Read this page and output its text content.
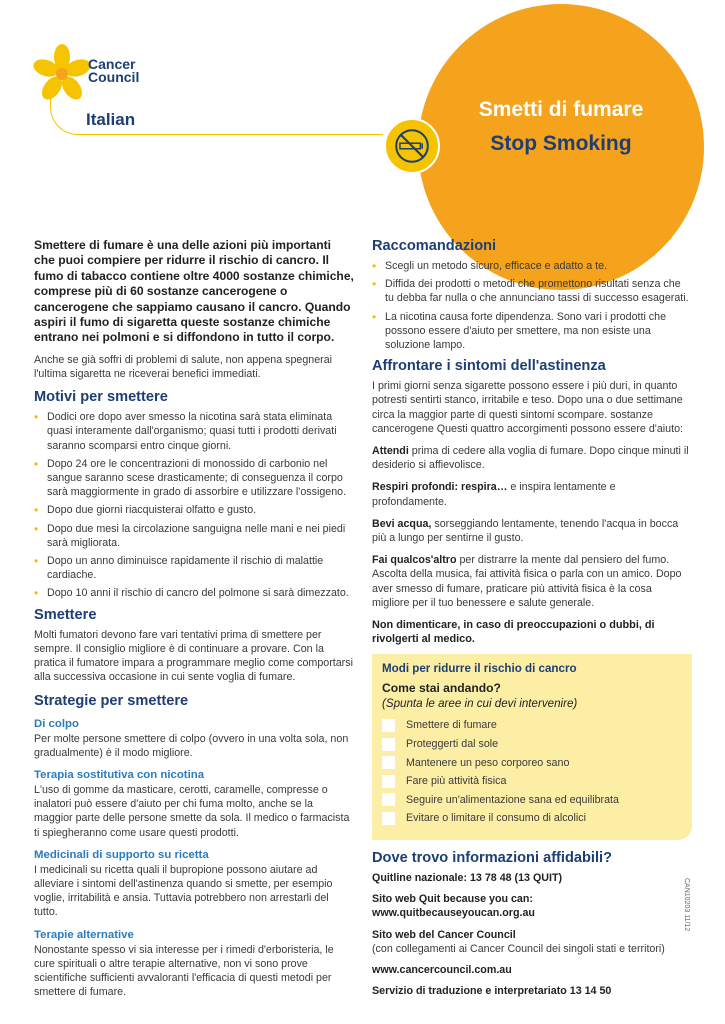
Cancer
Council
Italian	Smetti di fumare
Stop Smoking

Smettere di fumare è una delle azioni più importanti che puoi compiere per ridurre il rischio di cancro. Il fumo di tabacco contiene oltre 4000 sostanze chimiche, comprese più di 60 sostanze cancerogene o cancerogene che sappiamo causano il cancro. Quando aspiri il fumo di sigaretta queste sostanze chimiche entrano nei polmoni e si diffondono in tutto il corpo.

Anche se già soffri di problemi di salute, non appena spegnerai l'ultima sigaretta ne riceverai benefici immediati.

Motivi per smettere
• Dodici ore dopo aver smesso la nicotina sarà stata eliminata quasi interamente dall'organismo; quasi tutti i prodotti derivati saranno scomparsi entro cinque giorni.
• Dopo 24 ore le concentrazioni di monossido di carbonio nel sangue saranno scese drasticamente; di conseguenza il corpo sarà maggiormente in grado di assorbire e utilizzare l'ossigeno.
• Dopo due giorni riacquisterai olfatto e gusto.
• Dopo due mesi la circolazione sanguigna nelle mani e nei piedi sarà migliorata.
• Dopo un anno diminuisce rapidamente il rischio di malattie cardiache.
• Dopo 10 anni il rischio di cancro del polmone si sarà dimezzato.
Smettere

Molti fumatori devono fare vari tentativi prima di smettere per sempre. Il consiglio migliore è di continuare a provare. Con la pratica il fumatore impara a programmare meglio come comportarsi alla successiva occasione in cui sente voglia di fumare.

Strategie per smettere
Di colpo

Per molte persone smettere di colpo (ovvero in una volta sola, non gradualmente) è il modo migliore.

Terapia sostitutiva con nicotina

L'uso di gomme da masticare, cerotti, caramelle, compresse o inalatori può essere d'aiuto per chi fuma molto, anche se la maggior parte delle persone smette da sola. Il medico o farmacista ti spiegheranno come usare questi prodotti.

Medicinali di supporto su ricetta

I medicinali su ricetta quali il bupropione possono aiutare ad alleviare i sintomi dell'astinenza quando si smette, per esempio voglie, irritabilità e ansia. Tuttavia potrebbero non arrestarli del tutto.

Terapie alternative

Nonostante spesso vi sia interesse per i rimedi d'erboristeria, le cure spirituali o altre terapie alternative, non vi sono prove scientifiche sufficienti avvaloranti l'efficacia di questi metodi per smettere di fumare.

Raccomandazioni
• Scegli un metodo sicuro, efficace e adatto a te.
• Diffida dei prodotti o metodi che promettono risultati senza che tu debba far nulla o che annunciano tassi di successo esagerati.
• La nicotina causa forte dipendenza. Sono vari i prodotti che possono essere d'aiuto per smettere, ma non esiste una soluzione lampo.
Affrontare i sintomi dell'astinenza

I primi giorni senza sigarette possono essere i più duri, in quanto potresti sentirti stanco, irritabile e teso. Dopo una o due settimane circa la maggior parte di questi sintomi scompare. sostanze cancerogene Questi quattro accorgimenti possono essere d'aiuto:

Attendi prima di cedere alla voglia di fumare. Dopo cinque minuti il desiderio si affievolisce.

Respiri profondi: respira… e inspira lentamente e profondamente.

Bevi acqua, sorseggiando lentamente, tenendo l'acqua in bocca più a lungo per sentirne il gusto.

Fai qualcos'altro per distrarre la mente dal pensiero del fumo. Ascolta della musica, fai attività fisica o parla con un amico. Dopo aver smesso di fumare, praticare più attività fisica è la cosa migliore per il tuo benessere e salute generale.

Non dimenticare, in caso di preoccupazioni o dubbi, di rivolgerti al medico.

Modi per ridurre il rischio di cancro
Come stai andando?
(Spunta le aree in cui devi intervenire)
Smettere di fumare
Proteggerti dal sole
Mantenere un peso corporeo sano
Fare più attività fisica
Seguire un'alimentazione sana ed equilibrata
Evitare o limitare il consumo di alcolici
Dove trovo informazioni affidabili?

Quitline nazionale: 13 78 48 (13 QUIT)

Sito web Quit because you can:
www.quitbecauseyoucan.org.au

Sito web del Cancer Council
(con collegamenti ai Cancer Council dei singoli stati e territori)

www.cancercouncil.com.au

Servizio di traduzione e interpretariato 13 14 50

CAN10203 11/12
